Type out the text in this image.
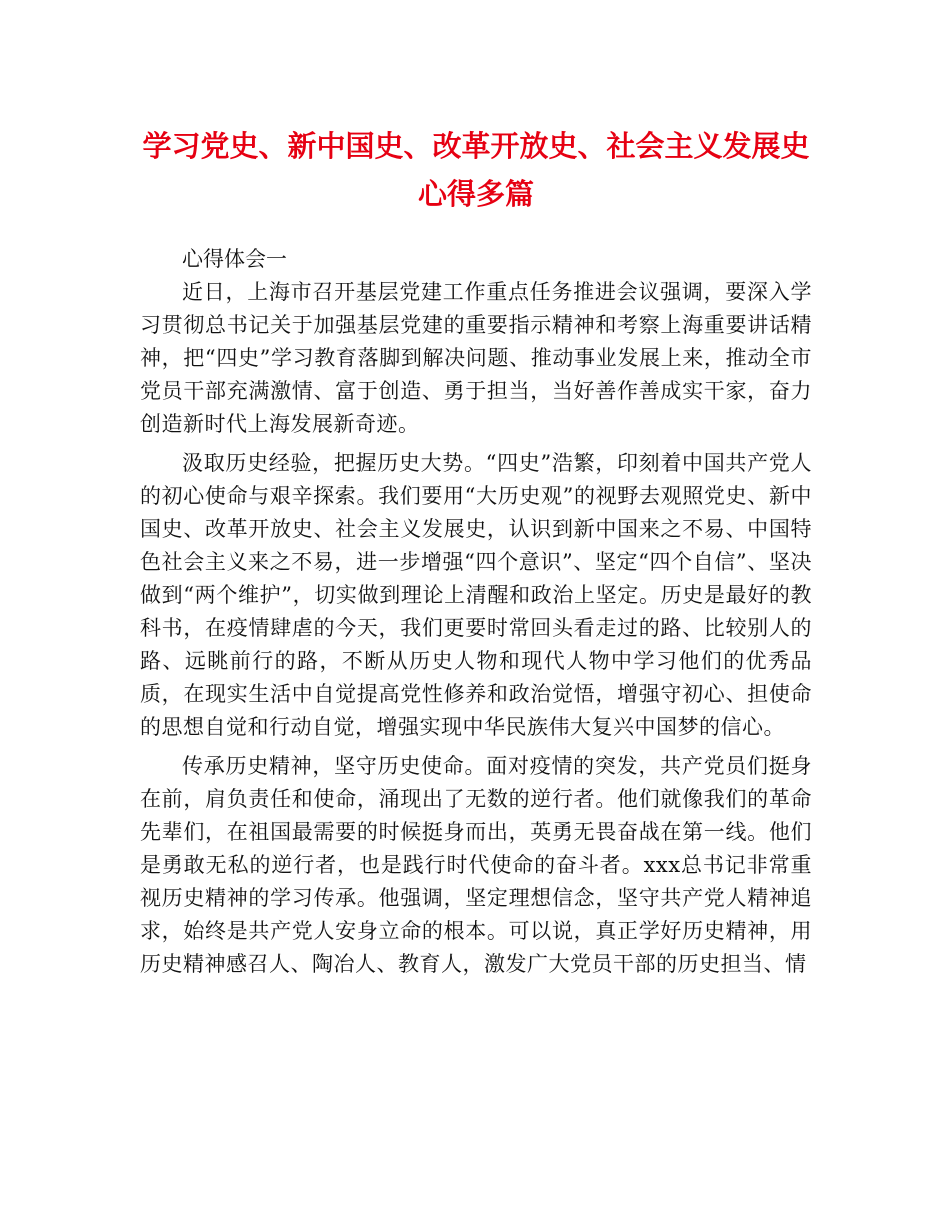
学习党史、新中国史、改革开放史、社会主义发展史心得多篇

心得体会一

近日，上海市召开基层党建工作重点任务推进会议强调，要深入学习贯彻总书记关于加强基层党建的重要指示精神和考察上海重要讲话精神，把“四史”学习教育落脚到解决问题、推动事业发展上来，推动全市党员干部充满激情、富于创造、勇于担当，当好善作善成实干家，奋力创造新时代上海发展新奇迹。

汲取历史经验，把握历史大势。“四史”浩繁，印刻着中国共产党人的初心使命与艰辛探索。我们要用“大历史观”的视野去观照党史、新中国史、改革开放史、社会主义发展史，认识到新中国来之不易、中国特色社会主义来之不易，进一步增强“四个意识”、坚定“四个自信”、坚决做到“两个维护”，切实做到理论上清醒和政治上坚定。历史是最好的教科书，在疫情肆虐的今天，我们更要时常回头看走过的路、比较别人的路、远眺前行的路，不断从历史人物和现代人物中学习他们的优秀品质，在现实生活中自觉提高党性修养和政治觉悟，增强守初心、担使命的思想自觉和行动自觉，增强实现中华民族伟大复兴中国梦的信心。

传承历史精神，坚守历史使命。面对疫情的突发，共产党员们挺身在前，肩负责任和使命，涌现出了无数的逆行者。他们就像我们的革命先辈们，在祖国最需要的时候挺身而出，英勇无畏奋战在第一线。他们是勇敢无私的逆行者，也是践行时代使命的奋斗者。xxx总书记非常重视历史精神的学习传承。他强调，坚定理想信念，坚守共产党人精神追求，始终是共产党人安身立命的根本。可以说，真正学好历史精神，用历史精神感召人、陶冶人、教育人，激发广大党员干部的历史担当、情
